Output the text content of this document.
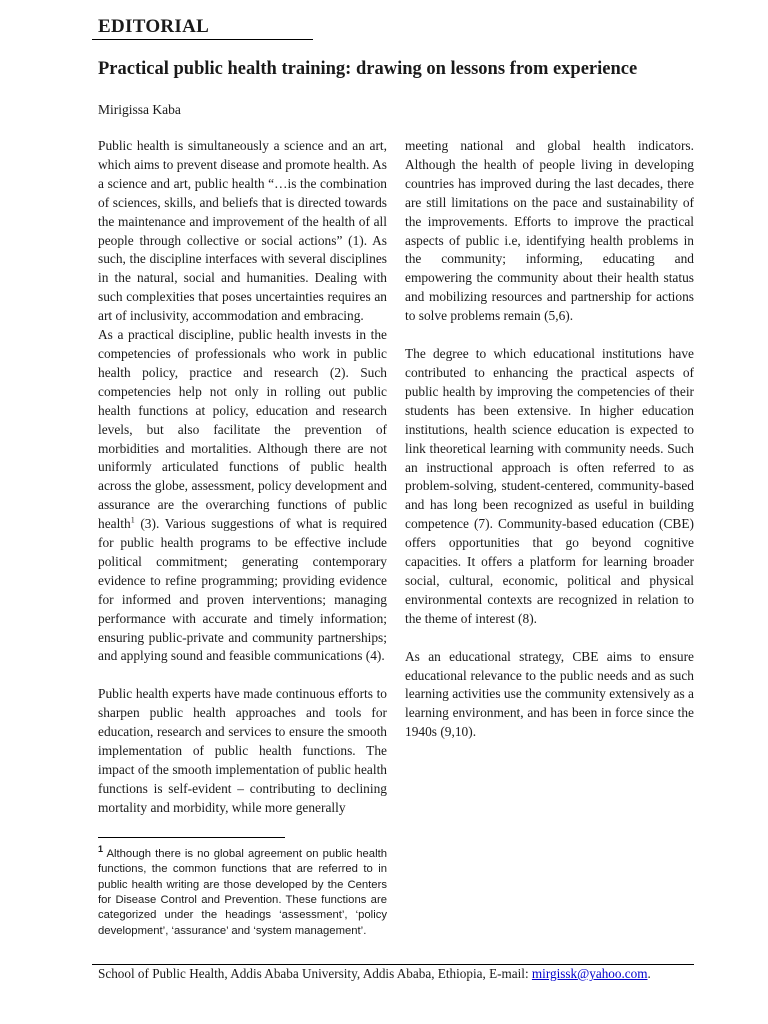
EDITORIAL
Practical public health training: drawing on lessons from experience
Mirigissa Kaba

Public health is simultaneously a science and an art, which aims to prevent disease and promote health. As a science and art, public health “…is the combination of sciences, skills, and beliefs that is directed towards the maintenance and improvement of the health of all people through collective or social actions” (1). As such, the discipline interfaces with several disciplines in the natural, social and humanities. Dealing with such complexities that poses uncertainties requires an art of inclusivity, accommodation and embracing.

As a practical discipline, public health invests in the competencies of professionals who work in public health policy, practice and research (2). Such competencies help not only in rolling out public health functions at policy, education and research levels, but also facilitate the prevention of morbidities and mortalities. Although there are not uniformly articulated functions of public health across the globe, assessment, policy development and assurance are the overarching functions of public health$^1$ (3). Various suggestions of what is required for public health programs to be effective include political commitment; generating contemporary evidence to refine programming; providing evidence for informed and proven interventions; managing performance with accurate and timely information; ensuring public-private and community partnerships; and applying sound and feasible communications (4).

Public health experts have made continuous efforts to sharpen public health approaches and tools for education, research and services to ensure the smooth implementation of public health functions. The impact of the smooth implementation of public health functions is self-evident – contributing to declining mortality and morbidity, while more generally

meeting national and global health indicators. Although the health of people living in developing countries has improved during the last decades, there are still limitations on the pace and sustainability of the improvements. Efforts to improve the practical aspects of public i.e, identifying health problems in the community; informing, educating and empowering the community about their health status and mobilizing resources and partnership for actions to solve problems remain (5,6).

The degree to which educational institutions have contributed to enhancing the practical aspects of public health by improving the competencies of their students has been extensive. In higher education institutions, health science education is expected to link theoretical learning with community needs. Such an instructional approach is often referred to as problem-solving, student-centered, community-based and has long been recognized as useful in building competence (7). Community-based education (CBE) offers opportunities that go beyond cognitive capacities. It offers a platform for learning broader social, cultural, economic, political and physical environmental contexts are recognized in relation to the theme of interest (8).

As an educational strategy, CBE aims to ensure educational relevance to the public needs and as such learning activities use the community extensively as a learning environment, and has been in force since the 1940s (9,10).

$^1$ Although there is no global agreement on public health functions, the common functions that are referred to in public health writing are those developed by the Centers for Disease Control and Prevention. These functions are categorized under the headings ‘assessment’, ‘policy development’, ‘assurance’ and ‘system management’.
School of Public Health, Addis Ababa University, Addis Ababa, Ethiopia, E-mail: mirgissk@yahoo.com.
